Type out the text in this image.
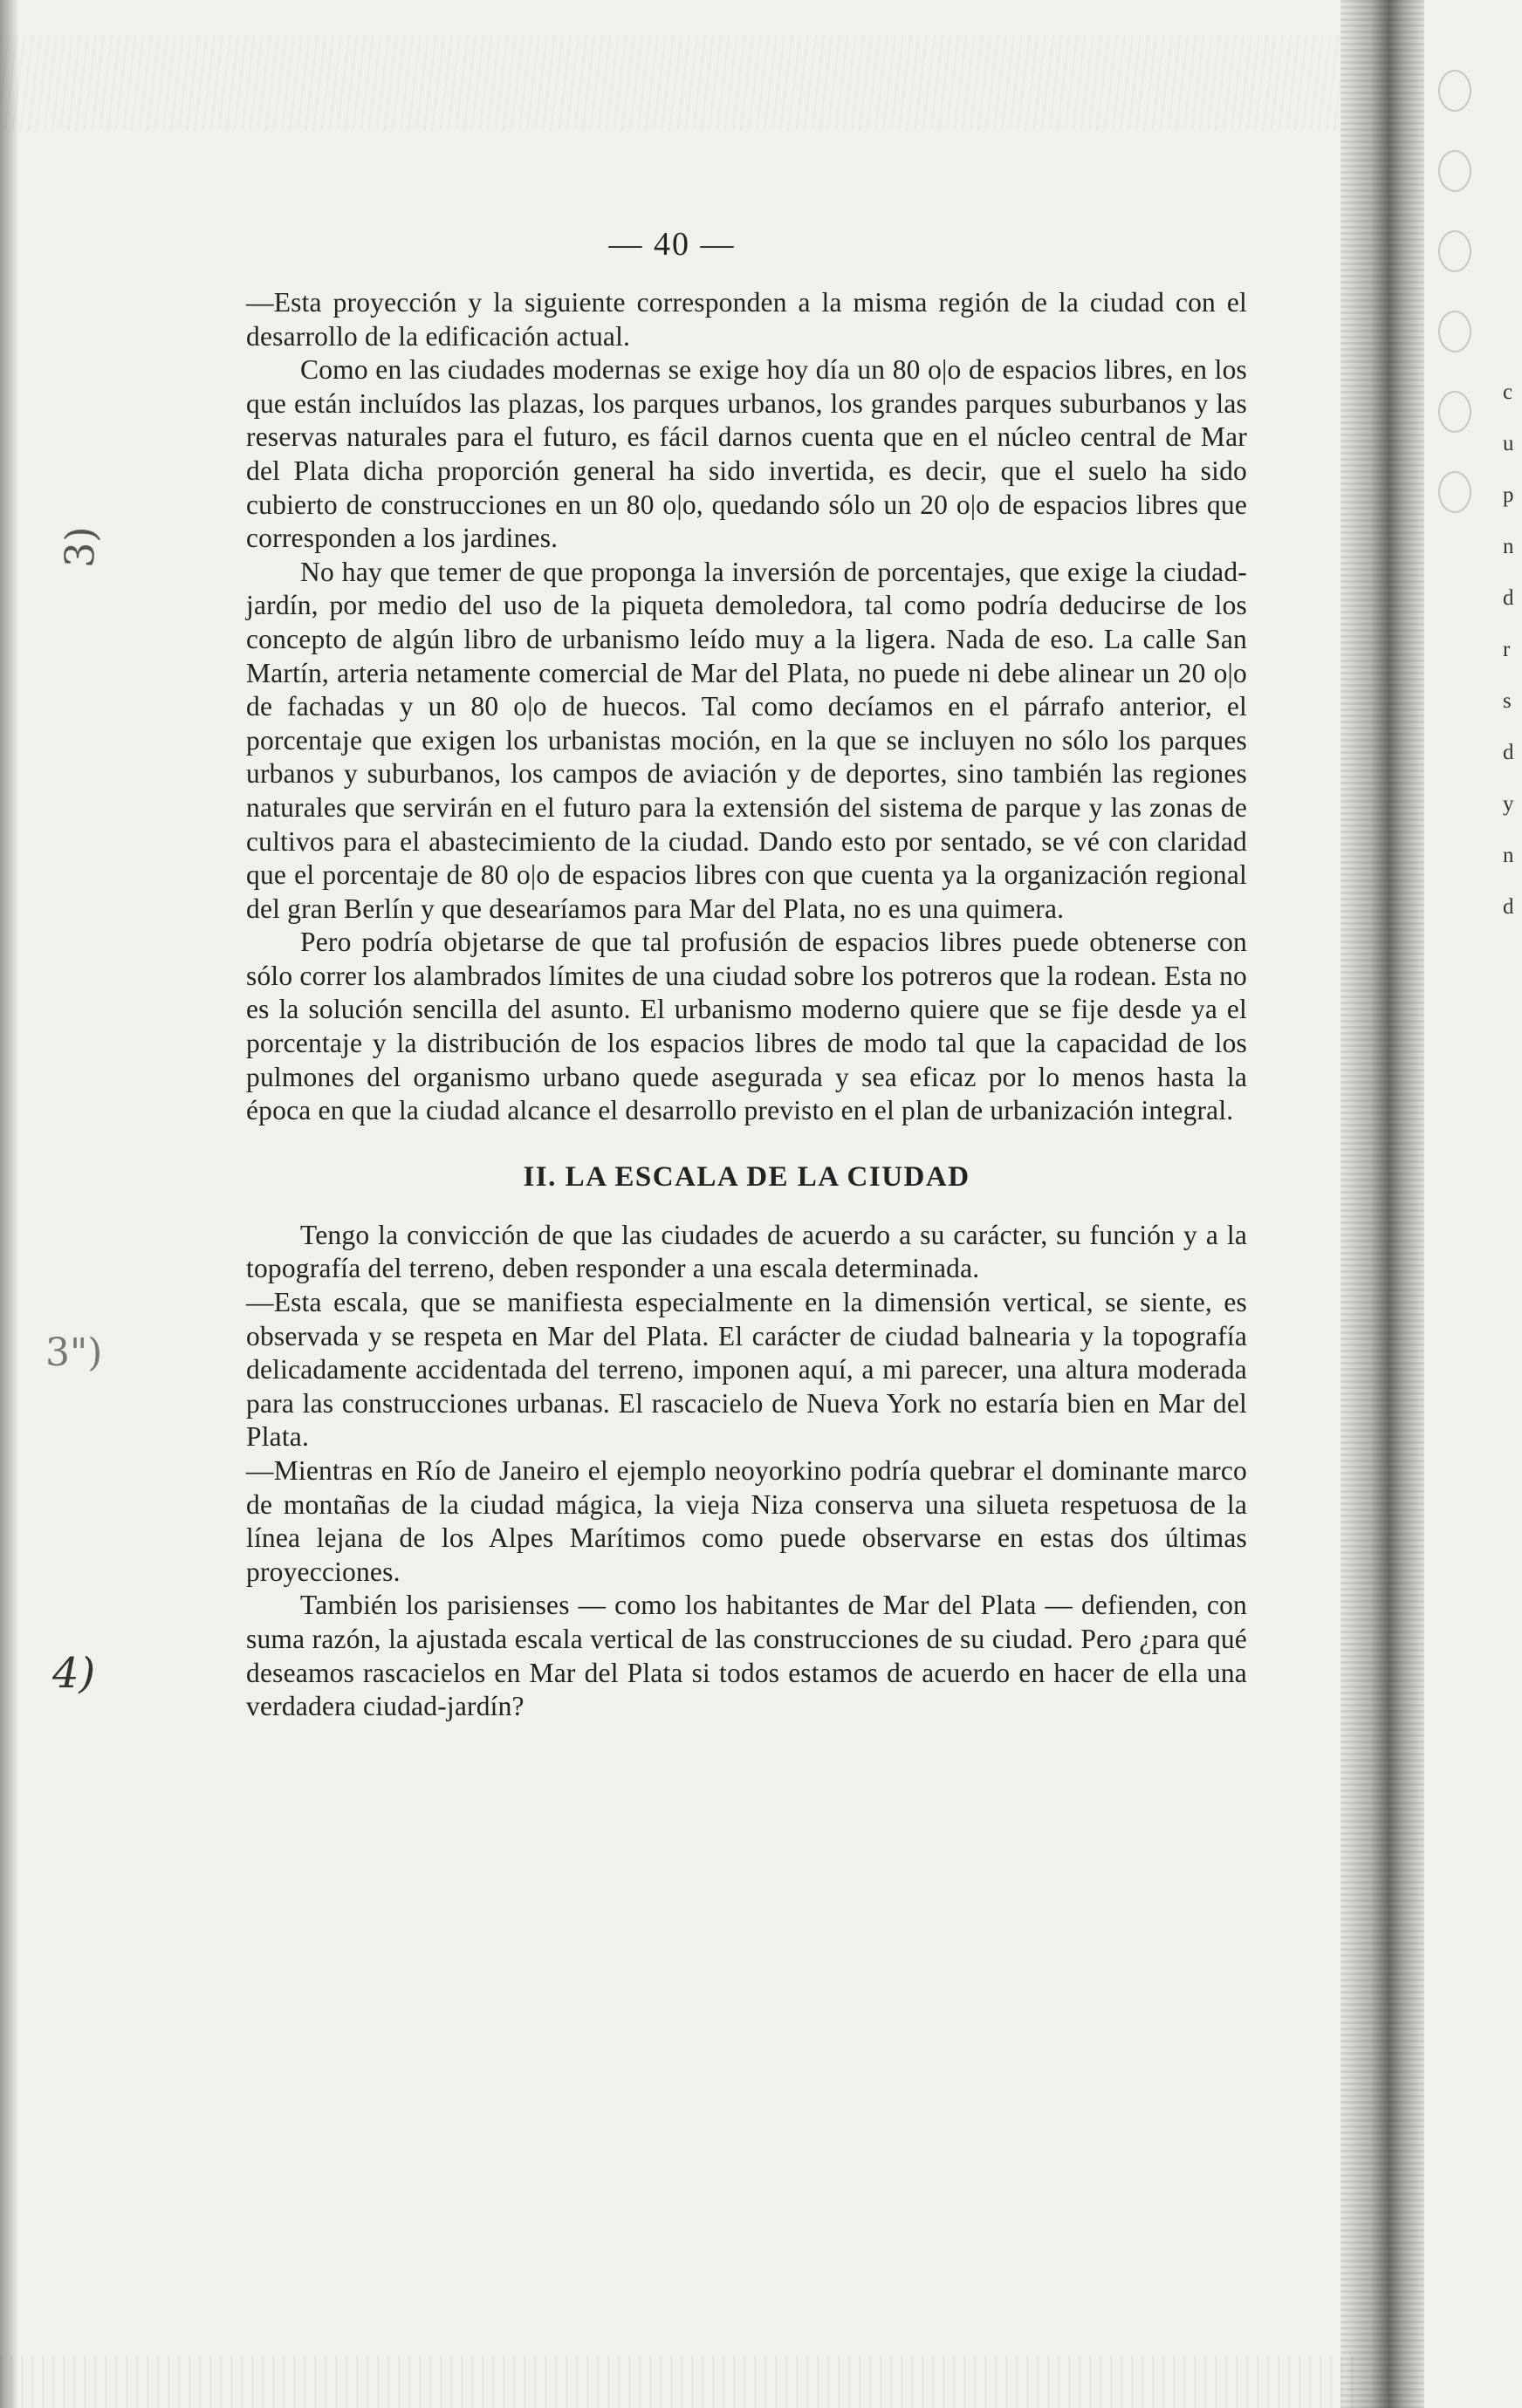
— 40 —
3)
3")
4)
c
u
p
n
d
r
s
d
y
n
d

—Esta proyección y la siguiente corresponden a la misma región de la ciudad con el desarrollo de la edificación actual.

Como en las ciudades modernas se exige hoy día un 80 o|o de espacios libres, en los que están incluídos las plazas, los parques urbanos, los grandes parques suburbanos y las reservas naturales para el futuro, es fácil darnos cuenta que en el núcleo central de Mar del Plata dicha proporción general ha sido invertida, es decir, que el suelo ha sido cubierto de construcciones en un 80 o|o, quedando sólo un 20 o|o de espacios libres que corresponden a los jardines.

No hay que temer de que proponga la inversión de porcentajes, que exige la ciudad-jardín, por medio del uso de la piqueta demoledora, tal como podría deducirse de los concepto de algún libro de urbanismo leído muy a la ligera. Nada de eso. La calle San Martín, arteria netamente comercial de Mar del Plata, no puede ni debe alinear un 20 o|o de fachadas y un 80 o|o de huecos. Tal como decíamos en el párrafo anterior, el porcentaje que exigen los urbanistas moción, en la que se incluyen no sólo los parques urbanos y suburbanos, los campos de aviación y de deportes, sino también las regiones naturales que servirán en el futuro para la extensión del sistema de parque y las zonas de cultivos para el abastecimiento de la ciudad. Dando esto por sentado, se vé con claridad que el porcentaje de 80 o|o de espacios libres con que cuenta ya la organización regional del gran Berlín y que desearíamos para Mar del Plata, no es una quimera.

Pero podría objetarse de que tal profusión de espacios libres puede obtenerse con sólo correr los alambrados límites de una ciudad sobre los potreros que la rodean. Esta no es la solución sencilla del asunto. El urbanismo moderno quiere que se fije desde ya el porcentaje y la distribución de los espacios libres de modo tal que la capacidad de los pulmones del organismo urbano quede asegurada y sea eficaz por lo menos hasta la época en que la ciudad alcance el desarrollo previsto en el plan de urbanización integral.

II. LA ESCALA DE LA CIUDAD

Tengo la convicción de que las ciudades de acuerdo a su carácter, su función y a la topografía del terreno, deben responder a una escala determinada.

—Esta escala, que se manifiesta especialmente en la dimensión vertical, se siente, es observada y se respeta en Mar del Plata. El carácter de ciudad balnearia y la topografía delicadamente accidentada del terreno, imponen aquí, a mi parecer, una altura moderada para las construcciones urbanas. El rascacielo de Nueva York no estaría bien en Mar del Plata.

—Mientras en Río de Janeiro el ejemplo neoyorkino podría quebrar el dominante marco de montañas de la ciudad mágica, la vieja Niza conserva una silueta respetuosa de la línea lejana de los Alpes Marítimos como puede observarse en estas dos últimas proyecciones.

También los parisienses — como los habitantes de Mar del Plata — defienden, con suma razón, la ajustada escala vertical de las construcciones de su ciudad. Pero ¿para qué deseamos rascacielos en Mar del Plata si todos estamos de acuerdo en hacer de ella una verdadera ciudad-jardín?
